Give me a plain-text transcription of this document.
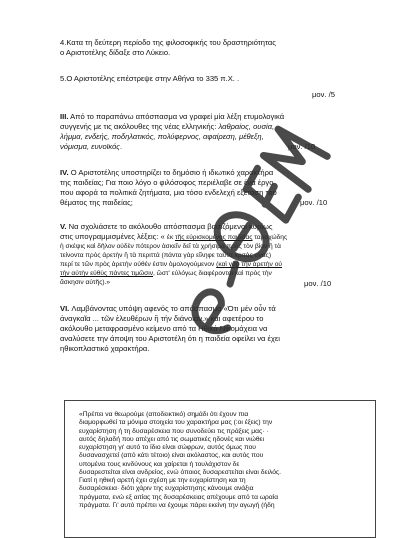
4.Κατα τη δεύτερη περίοδο της φιλοσοφικής του δραστηριότητας

ο Αριστοτέλης δίδαξε στο Λύκειο.

5.Ο Αριστοτέλης επέστρεψε στην Αθήνα το 335 π.Χ. .

μον. /5

ΙΙΙ. Από το παραπάνω απόσπασμα να γραφεί μία λέξη ετυμολογικά

συγγενής με τις ακόλουθες της νέας ελληνικής: λαθραίος, ουσία,

λήμμα, ενδεής, ποδηλατικός, πολύφερνος, αφαίρεση, μέθεξη,

νόμισμα, ευνοϊκός.	μον. /10

ΙV. Ο Αριστοτέλης υποστηρίζει το δημόσιο ή ιδιωτικό χαρακτήρα

της παιδείας; Για ποιο λόγο ο φιλόσοφος περιέλαβε σε ένα έργο

που αφορά τα πολιτικά ζητήματα, μια τόσο ενδελεχή εξέταση του

θέματος της παιδείας;	μον. /10

V. Να σχολιάσετε το ακόλουθο απόσπασμα βασιζόμενοι κυρίως

στις υπογραμμισμένες λέξεις: « ἐκ τῆς εὐρισκομένης παιδείας ταραχώδης

ἡ σκέψις καὶ δῆλον οὐδὲν πότερον ἀσκεῖν δεῖ τὰ χρήσιμα πρὸς τὸν βίον ἢ τὰ

τείνοντα πρὸς ἀρετὴν ἢ τὰ περιττά (πάντα γὰρ εἴληφε ταῦτα κριτάς τινας)

περί τε τῶν πρὸς ἀρετὴν οὐθέν ἐστιν ὁμολογούμενον (καὶ γὰρ τὴν ἀρετὴν οὐ

τὴν αὐτὴν εὐθὺς πάντες τιμῶσιν, ὥστ' εὐλόγως διαφέρονται καὶ πρὸς τὴν

ἄσκησιν αὐτῆς).»	μον. /10

VI. Λαμβάνοντας υπόψη αφενός το απόσπασμα «Ότι μέν οὖν τά

ἀναγκαῖα ... τῶν ἐλευθέρων ἢ τήν διάνοιαν.» και αφετέρου το

ακόλουθο μεταφρασμένο κείμενο από τα Ηθικά Νικομάχεια να

αναλύσετε την άποψη του Αριστοτέλη ότι η παιδεία οφείλει να έχει

ηθικοπλαστικό χαρακτήρα.

«Πρέπει να θεωρούμε (αποδεικτικό) σημάδι ότι έχουν πια

διαμορφωθεί τα μόνιμα στοιχεία του χαρακτήρα μας (:οι έξεις) την

ευχαρίστηση ή τη δυσαρέσκεια που συνοδεύει τις πράξεις μας· ·

αυτός δηλαδή που απέχει από τις σωματικές ηδονές και νιώθει

ευχαρίστηση γι' αυτό το ίδιο είναι σώφρων, αυτός όμως που

δυσανασχετεί (από κάτι τέτοιο) είναι ακόλαστος, και αυτός που

υπομένει τους κινδύνους και χαίρεται ή τουλάχιστον δε

δυσαρεστείται είναι ανδρείος, ενώ όποιος δυσαρεστείται είναι δειλός.

Γιατί η ηθική αρετή έχει σχέση με την ευχαρίστηση και τη

δυσαρέσκεια· διότι χάριν της ευχαρίστησης κάνουμε ανάξια

πράγματα, ενώ εξ αιτίας της δυσαρέσκειας απέχουμε από τα ωραία

πράγματα. Γι' αυτό πρέπει να έχουμε πάρει εκείνη την αγωγή (ήδη
